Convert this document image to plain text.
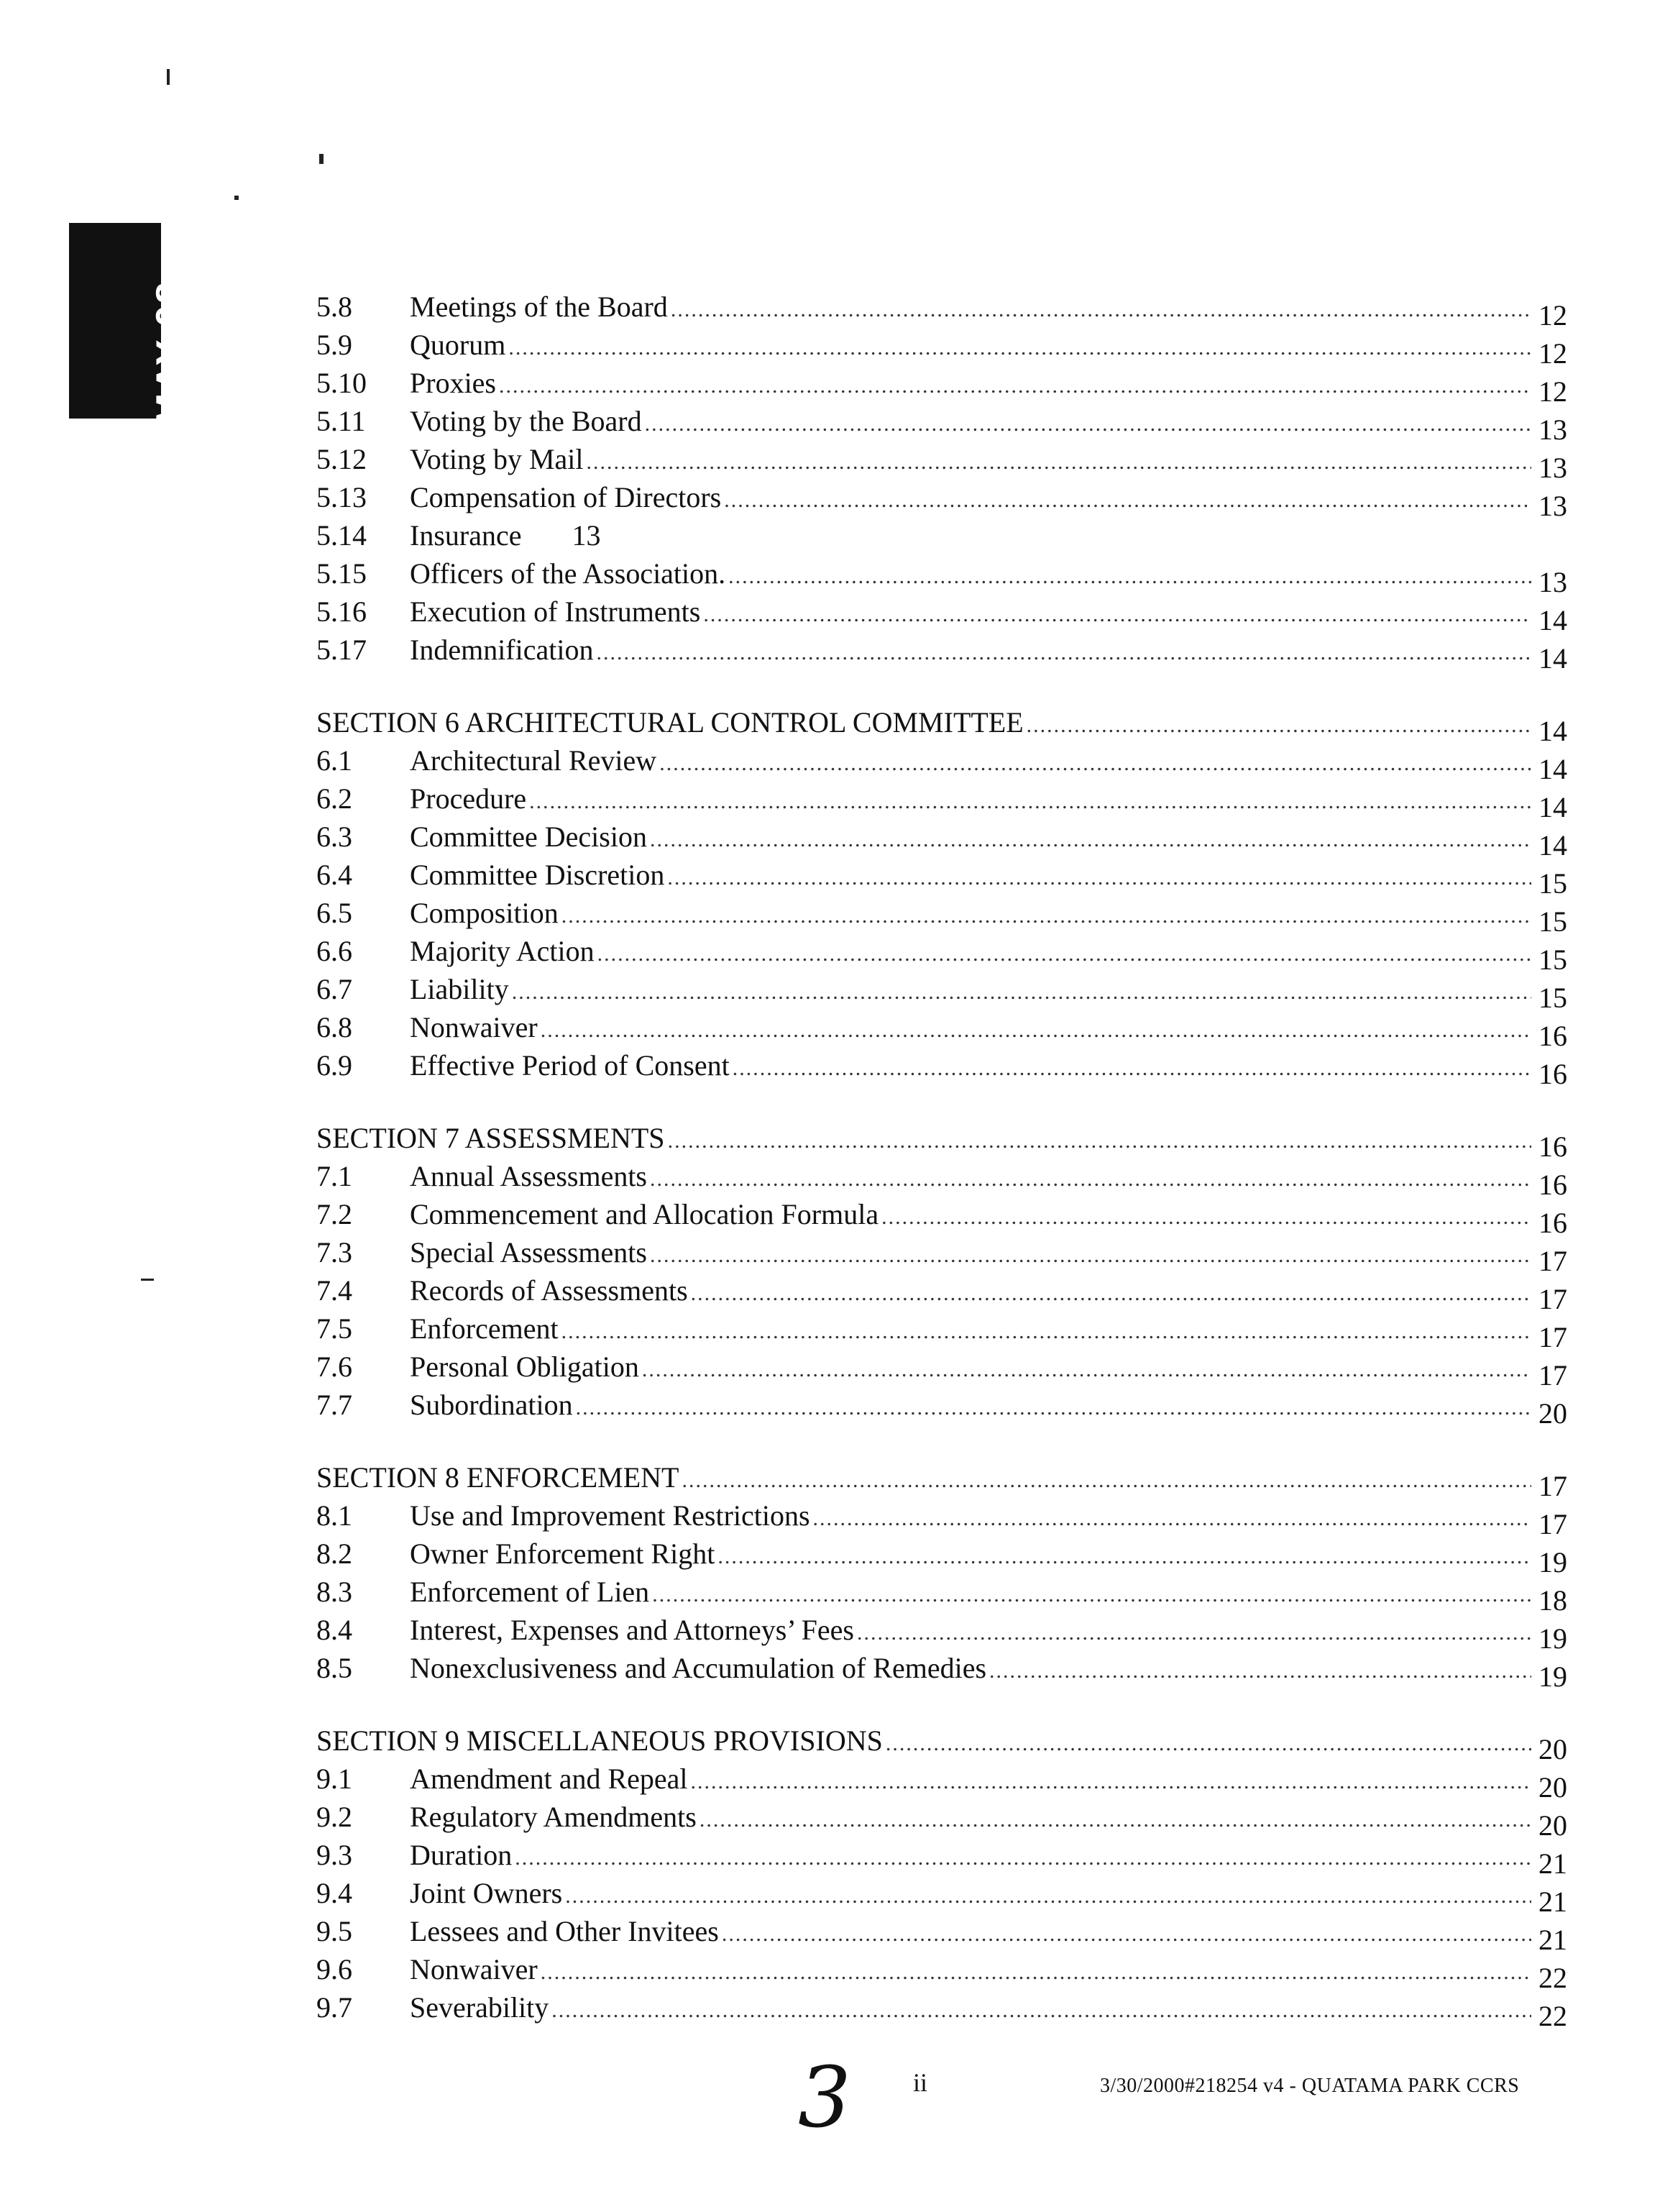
MAY 08	5.8	Meetings of the Board .....	12
5.9	Quorum .....	12
5.10	Proxies .....	12
5.11	Voting by the Board .....	13
5.12	Voting by Mail .....	13
5.13	Compensation of Directors .....	13
5.14	Insurance 13
5.15	Officers of the Association. .....	13
5.16	Execution of Instruments .....	14
5.17	Indemnification .....	14
SECTION 6 ARCHITECTURAL CONTROL COMMITTEE .....	14
6.1	Architectural Review .....	14
6.2	Procedure .....	14
6.3	Committee Decision .....	14
6.4	Committee Discretion .....	15
6.5	Composition .....	15
6.6	Majority Action .....	15
6.7	Liability .....	15
6.8	Nonwaiver .....	16
6.9	Effective Period of Consent .....	16
SECTION 7 ASSESSMENTS .....	16
7.1	Annual Assessments .....	16
7.2	Commencement and Allocation Formula .....	16
7.3	Special Assessments .....	17
7.4	Records of Assessments .....	17
7.5	Enforcement .....	17
7.6	Personal Obligation .....	17
7.7	Subordination .....	20
SECTION 8 ENFORCEMENT .....	17
8.1	Use and Improvement Restrictions .....	17
8.2	Owner Enforcement Right .....	19
8.3	Enforcement of Lien .....	18
8.4	Interest, Expenses and Attorneys’ Fees .....	19
8.5	Nonexclusiveness and Accumulation of Remedies .....	19
SECTION 9 MISCELLANEOUS PROVISIONS .....	20
9.1	Amendment and Repeal .....	20
9.2	Regulatory Amendments .....	20
9.3	Duration .....	21
9.4	Joint Owners .....	21
9.5	Lessees and Other Invitees .....	21
9.6	Nonwaiver .....	22
9.7	Severability .....	22
3 ii	3/30/2000#218254 v4 - QUATAMA PARK CCRS
